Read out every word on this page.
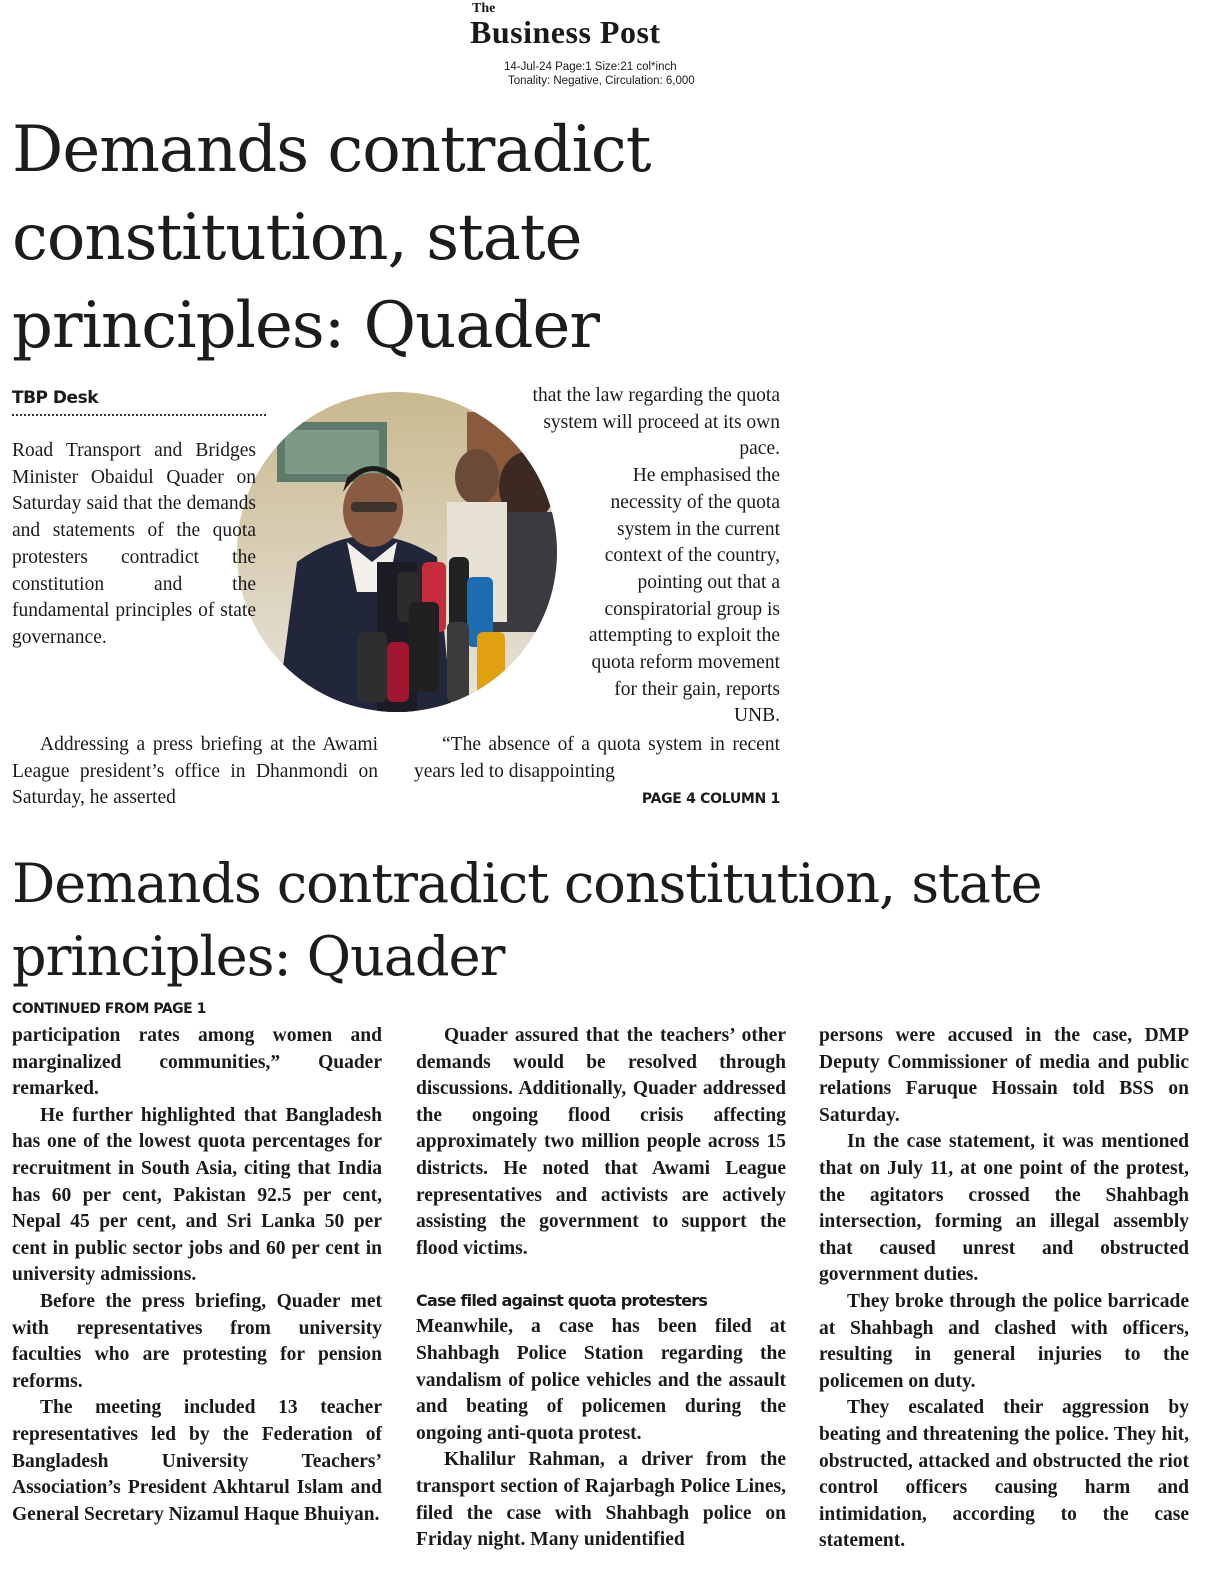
The
Business Post
14-Jul-24 Page:1 Size:21 col*inch
Tonality: Negative, Circulation: 6,000
Demands contradict
constitution, state
principles: Quader
TBP Desk

Road Transport and Bridges Minister Obaidul Quader on Saturday said that the demands and statements of the quota protesters contradict the constitution and the fundamental principles of state governance.

Addressing a press briefing at the Awami League president’s office in Dhanmondi on Saturday, he asserted

that the law regarding the quota system will proceed at its own pace.

He emphasised the necessity of the quota system in the current context of the country, pointing out that a conspiratorial group is attempting to exploit the quota reform movement for their gain, reports UNB.

“The absence of a quota system in recent years led to disappointing

PAGE 4 COLUMN 1
Demands contradict constitution, state
principles: Quader
CONTINUED FROM PAGE 1

participation rates among women and marginalized communities,” Quader remarked.

He further highlighted that Bangladesh has one of the lowest quota percentages for recruitment in South Asia, citing that India has 60 per cent, Pakistan 92.5 per cent, Nepal 45 per cent, and Sri Lanka 50 per cent in public sector jobs and 60 per cent in university admissions.

Before the press briefing, Quader met with representatives from university faculties who are protesting for pension reforms.

The meeting included 13 teacher representatives led by the Federation of Bangladesh University Teachers’ Association’s President Akhtarul Islam and General Secretary Nizamul Haque Bhuiyan.

Quader assured that the teachers’ other demands would be resolved through discussions. Additionally, Quader addressed the ongoing flood crisis affecting approximately two million people across 15 districts. He noted that Awami League representatives and activists are actively assisting the government to support the flood victims.

Case filed against quota protesters

Meanwhile, a case has been filed at Shahbagh Police Station regarding the vandalism of police vehicles and the assault and beating of policemen during the ongoing anti-quota protest.

Khalilur Rahman, a driver from the transport section of Rajarbagh Police Lines, filed the case with Shahbagh police on Friday night. Many unidentified

persons were accused in the case, DMP Deputy Commissioner of media and public relations Faruque Hossain told BSS on Saturday.

In the case statement, it was mentioned that on July 11, at one point of the protest, the agitators crossed the Shahbagh intersection, forming an illegal assembly that caused unrest and obstructed government duties.

They broke through the police barricade at Shahbagh and clashed with officers, resulting in general injuries to the policemen on duty.

They escalated their aggression by beating and threatening the police. They hit, obstructed, attacked and obstructed the riot control officers causing harm and intimidation, according to the case statement.
